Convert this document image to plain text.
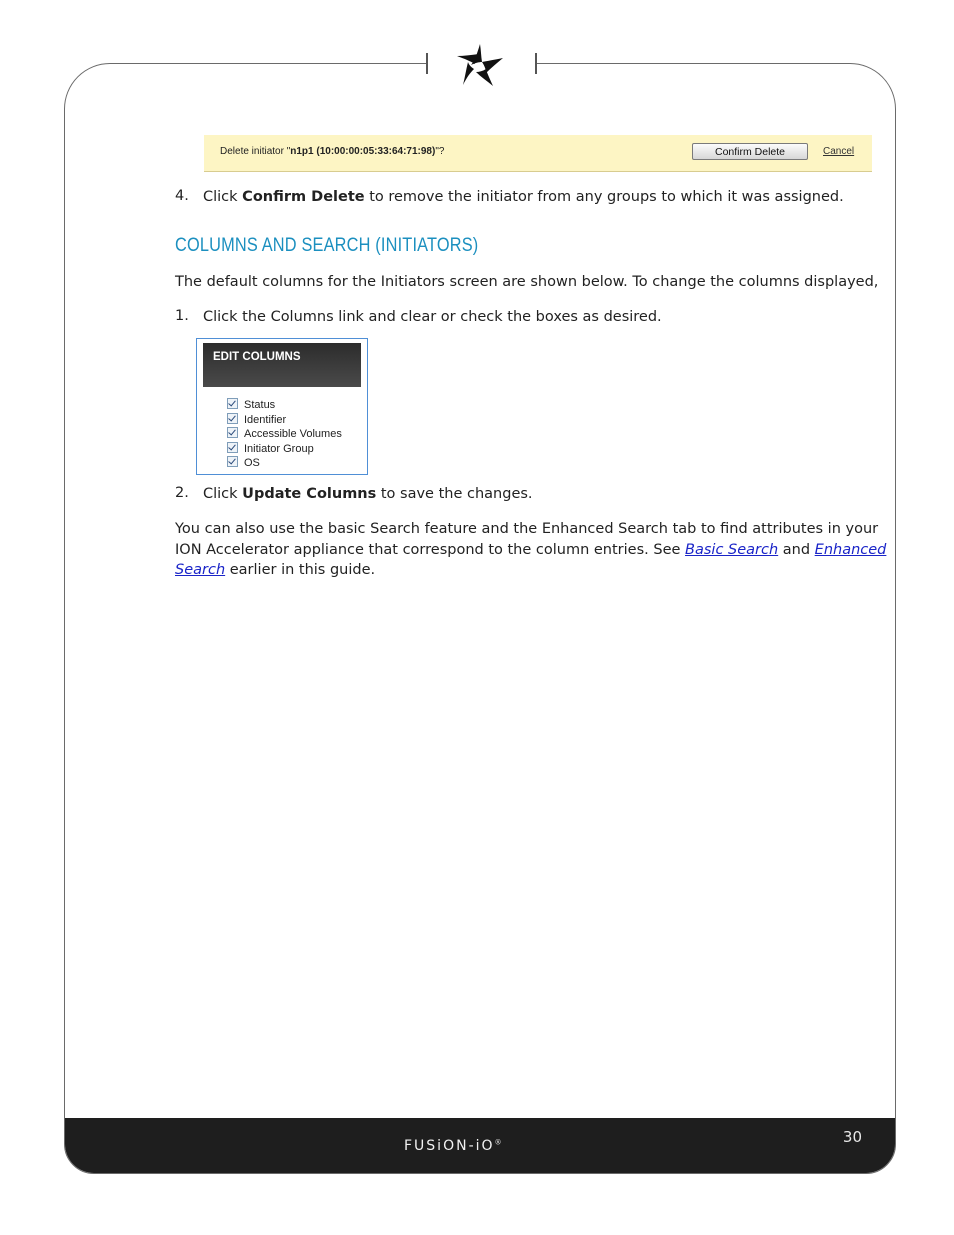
FUSiON-iO®	30
Delete initiator "n1p1 (10:00:00:05:33:64:71:98)"?	Confirm Delete	Cancel
4. Click Confirm Delete to remove the initiator from any groups to which it was assigned.

COLUMNS AND SEARCH (INITIATORS)

The default columns for the Initiators screen are shown below. To change the columns displayed,

1. Click the Columns link and clear or check the boxes as desired.

EDIT COLUMNS
Status
Identifier
Accessible Volumes
Initiator Group
OS
2. Click Update Columns to save the changes.

You can also use the basic Search feature and the Enhanced Search tab to find attributes in your

ION Accelerator appliance that correspond to the column entries. See Basic Search and Enhanced

Search earlier in this guide.
